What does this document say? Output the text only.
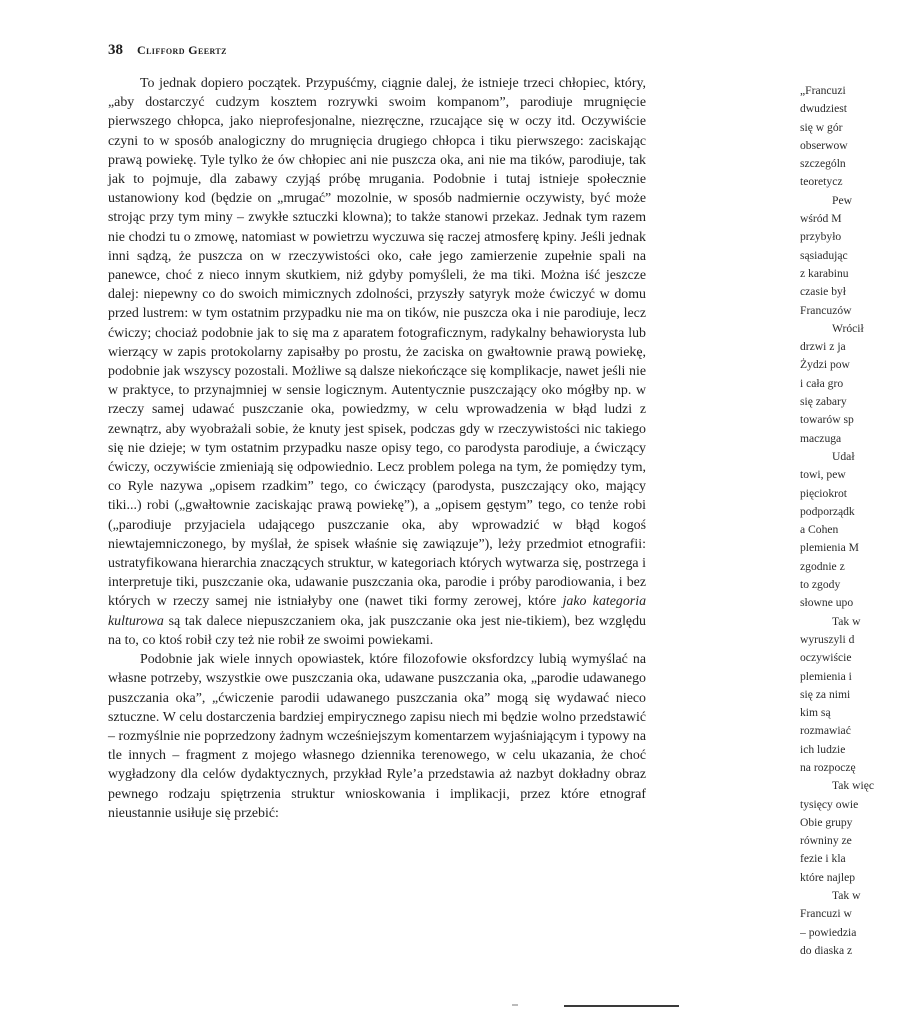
38 Clifford Geertz

To jednak dopiero początek. Przypuśćmy, ciągnie dalej, że istnieje trzeci chłopiec, który, „aby dostarczyć cudzym kosztem rozrywki swoim kompanom”, parodiuje mrugnięcie pierwszego chłopca, jako nieprofesjonalne, niezręczne, rzucające się w oczy itd. Oczywiście czyni to w sposób analogiczny do mrugnięcia drugiego chłopca i tiku pierwszego: zaciskając prawą powiekę. Tyle tylko że ów chłopiec ani nie puszcza oka, ani nie ma tików, parodiuje, tak jak to pojmuje, dla zabawy czyjąś próbę mrugania. Podobnie i tutaj istnieje społecznie ustanowiony kod (będzie on „mrugać” mozolnie, w sposób nadmiernie oczywisty, być może strojąc przy tym miny – zwykłe sztuczki klowna); to także stanowi przekaz. Jednak tym razem nie chodzi tu o zmowę, natomiast w powietrzu wyczuwa się raczej atmosferę kpiny. Jeśli jednak inni sądzą, że puszcza on w rzeczywistości oko, całe jego zamierzenie zupełnie spali na panewce, choć z nieco innym skutkiem, niż gdyby pomyśleli, że ma tiki. Można iść jeszcze dalej: niepewny co do swoich mimicznych zdolności, przyszły satyryk może ćwiczyć w domu przed lustrem: w tym ostatnim przypadku nie ma on tików, nie puszcza oka i nie parodiuje, lecz ćwiczy; chociaż podobnie jak to się ma z aparatem fotograficznym, radykalny behawiorysta lub wierzący w zapis protokolarny zapisałby po prostu, że zaciska on gwałtownie prawą powiekę, podobnie jak wszyscy pozostali. Możliwe są dalsze niekończące się komplikacje, nawet jeśli nie w praktyce, to przynajmniej w sensie logicznym. Autentycznie puszczający oko mógłby np. w rzeczy samej udawać puszczanie oka, powiedzmy, w celu wprowadzenia w błąd ludzi z zewnątrz, aby wyobrażali sobie, że knuty jest spisek, podczas gdy w rzeczywistości nic takiego się nie dzieje; w tym ostatnim przypadku nasze opisy tego, co parodysta parodiuje, a ćwiczący ćwiczy, oczywiście zmieniają się odpowiednio. Lecz problem polega na tym, że pomiędzy tym, co Ryle nazywa „opisem rzadkim” tego, co ćwiczący (parodysta, puszczający oko, mający tiki...) robi („gwałtownie zaciskając prawą powiekę”), a „opisem gęstym” tego, co tenże robi („parodiuje przyjaciela udającego puszczanie oka, aby wprowadzić w błąd kogoś niewtajemniczonego, by myślał, że spisek właśnie się zawiązuje”), leży przedmiot etnografii: ustratyfikowana hierarchia znaczących struktur, w kategoriach których wytwarza się, postrzega i interpretuje tiki, puszczanie oka, udawanie puszczania oka, parodie i próby parodiowania, i bez których w rzeczy samej nie istniałyby one (nawet tiki formy zerowej, które jako kategoria kulturowa są tak dalece niepuszczaniem oka, jak puszczanie oka jest nie-tikiem), bez względu na to, co ktoś robił czy też nie robił ze swoimi powiekami.

Podobnie jak wiele innych opowiastek, które filozofowie oksfordzcy lubią wymyślać na własne potrzeby, wszystkie owe puszczania oka, udawane puszczania oka, „parodie udawanego puszczania oka”, „ćwiczenie parodii udawanego puszczania oka” mogą się wydawać nieco sztuczne. W celu dostarczenia bardziej empirycznego zapisu niech mi będzie wolno przedstawić – rozmyślnie nie poprzedzony żadnym wcześniejszym komentarzem wyjaśniającym i typowy na tle innych – fragment z mojego własnego dziennika terenowego, w celu ukazania, że choć wygładzony dla celów dydaktycznych, przykład Ryle’a przedstawia aż nazbyt dokładny obraz pewnego rodzaju spiętrzenia struktur wnioskowania i implikacji, przez które etnograf nieustannie usiłuje się przebić:

„Francuzi
dwudziest
się w gór
obserwow
szczególn
teoretycz
Pew
wśród M
przybyło
sąsiadując
z karabinu
czasie był
Francuzów
Wrócił
drzwi z ja
Żydzi pow
i cała gro
się zabary
towarów sp
maczuga
Udał
towi, pew
pięciokrot
podporządk
a Cohen
plemienia M
zgodnie z
to zgody
słowne upo
Tak w
wyruszyli d
oczywiście
plemienia i
się za nimi
kim są
rozmawiać
ich ludzie
na rozpoczę
Tak więc
tysięcy owie
Obie grupy
równiny ze
fezie i kla
które najlep
Tak w
Francuzi w
– powiedzia
do diaska z
